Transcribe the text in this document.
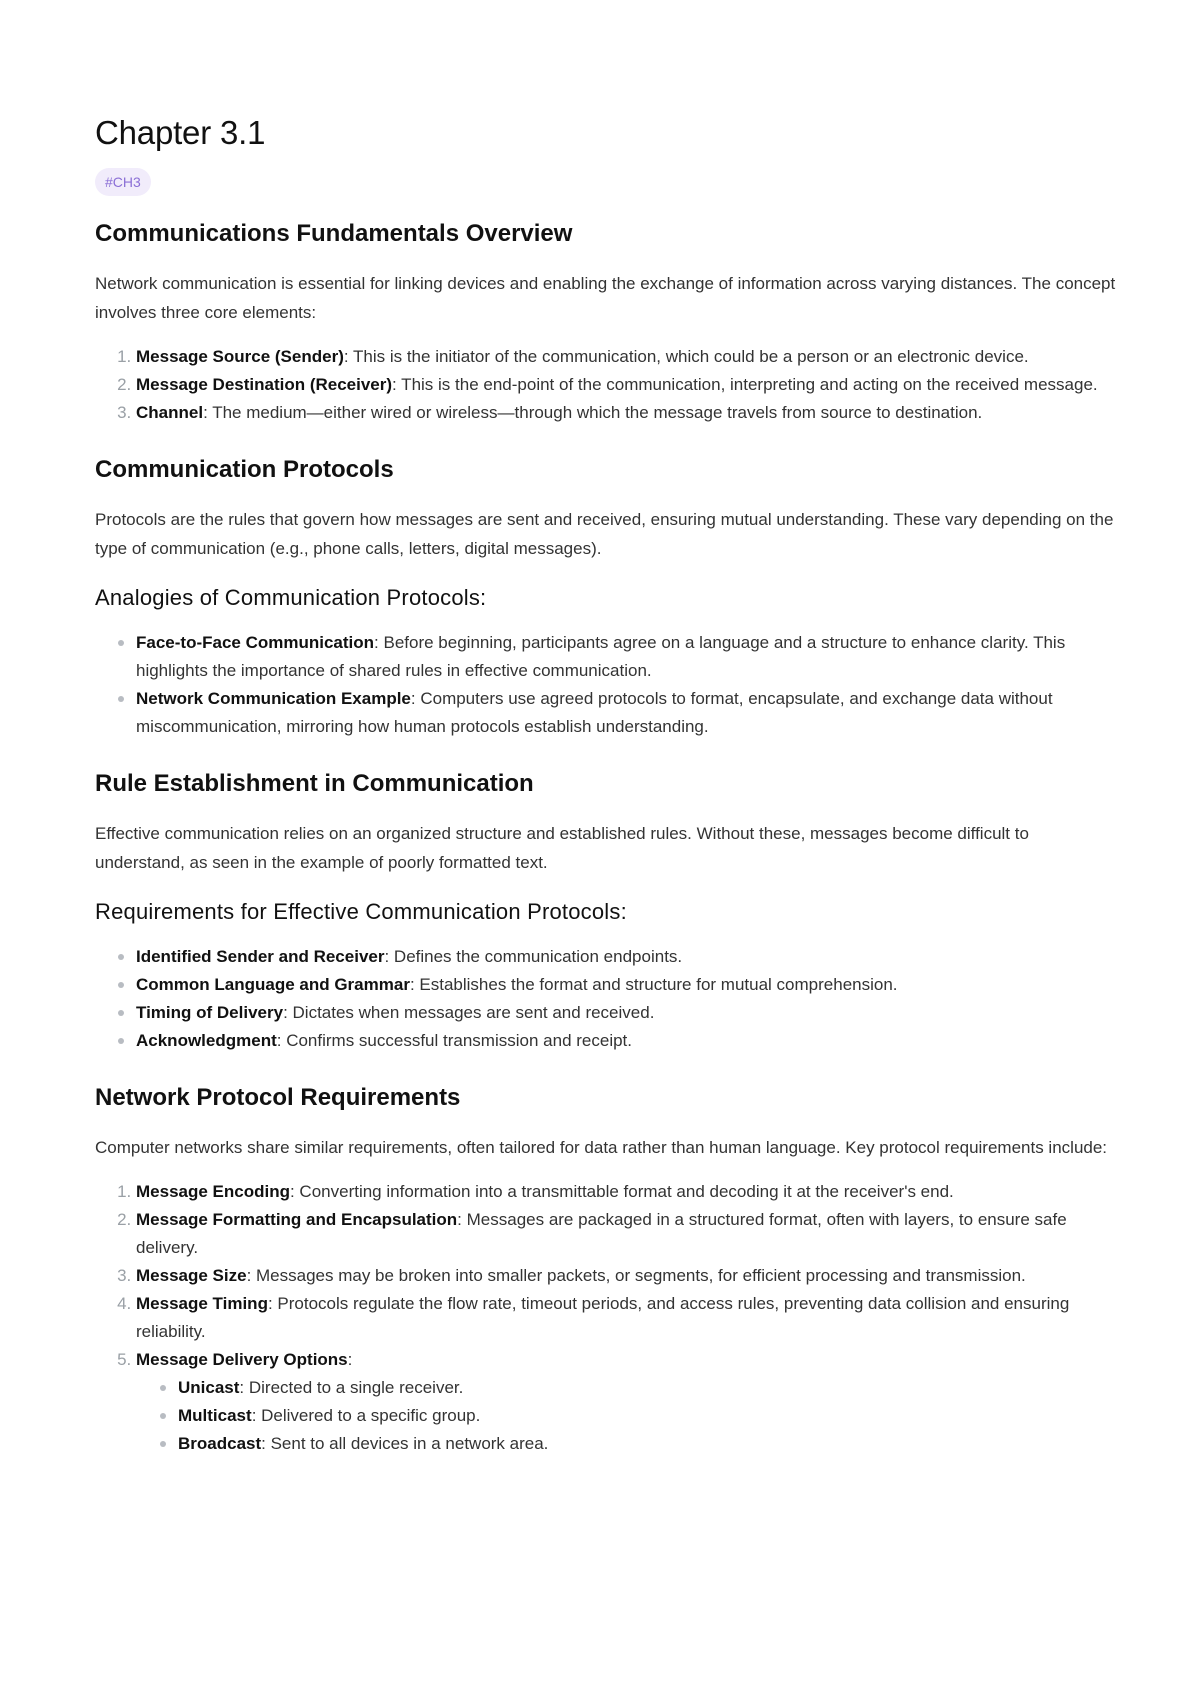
Chapter 3.1
#CH3
Communications Fundamentals Overview

Network communication is essential for linking devices and enabling the exchange of information across varying distances. The concept involves three core elements:

1. Message Source (Sender): This is the initiator of the communication, which could be a person or an electronic device.
2. Message Destination (Receiver): This is the end-point of the communication, interpreting and acting on the received message.
3. Channel: The medium—either wired or wireless—through which the message travels from source to destination.
Communication Protocols

Protocols are the rules that govern how messages are sent and received, ensuring mutual understanding. These vary depending on the type of communication (e.g., phone calls, letters, digital messages).

Analogies of Communication Protocols:
Face-to-Face Communication: Before beginning, participants agree on a language and a structure to enhance clarity. This highlights the importance of shared rules in effective communication.
Network Communication Example: Computers use agreed protocols to format, encapsulate, and exchange data without miscommunication, mirroring how human protocols establish understanding.
Rule Establishment in Communication

Effective communication relies on an organized structure and established rules. Without these, messages become difficult to understand, as seen in the example of poorly formatted text.

Requirements for Effective Communication Protocols:
Identified Sender and Receiver: Defines the communication endpoints.
Common Language and Grammar: Establishes the format and structure for mutual comprehension.
Timing of Delivery: Dictates when messages are sent and received.
Acknowledgment: Confirms successful transmission and receipt.
Network Protocol Requirements

Computer networks share similar requirements, often tailored for data rather than human language. Key protocol requirements include:

1. Message Encoding: Converting information into a transmittable format and decoding it at the receiver's end.
2. Message Formatting and Encapsulation: Messages are packaged in a structured format, often with layers, to ensure safe delivery.
3. Message Size: Messages may be broken into smaller packets, or segments, for efficient processing and transmission.
4. Message Timing: Protocols regulate the flow rate, timeout periods, and access rules, preventing data collision and ensuring reliability.
5. Message Delivery Options:
Unicast: Directed to a single receiver.
Multicast: Delivered to a specific group.
Broadcast: Sent to all devices in a network area.
